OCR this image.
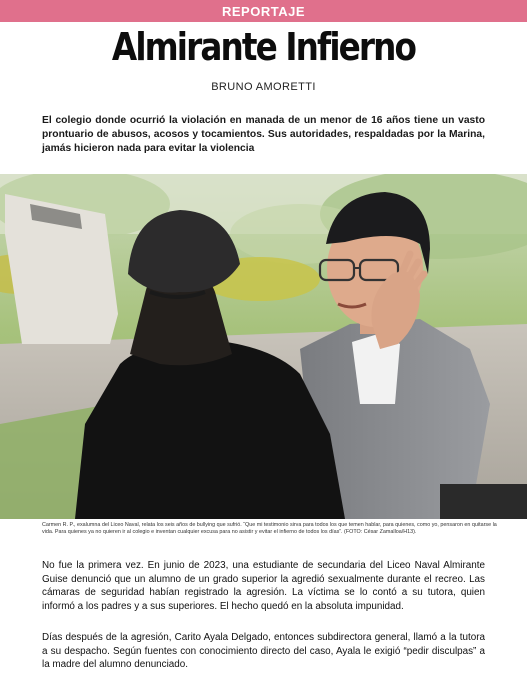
REPORTAJE
Almirante Infierno
BRUNO AMORETTI

El colegio donde ocurrió la violación en manada de un menor de 16 años tiene un vasto prontuario de abusos, acosos y tocamientos. Sus autoridades, respaldadas por la Marina, jamás hicieron nada para evitar la violencia

Carmen R. P., exalumna del Liceo Naval, relata los seis años de bullying que sufrió. “Que mi testimonio sirva para todos los que temen hablar, para quienes, como yo, pensaron en quitarse la vida. Para quienes ya no quieren ir al colegio e inventan cualquier excusa para no asistir y evitar el infierno de todos los días”. (FOTO: César Zamalloa/H13).

No fue la primera vez. En junio de 2023, una estudiante de secundaria del Liceo Naval Almirante Guise denunció que un alumno de un grado superior la agredió sexualmente durante el recreo. Las cámaras de seguridad habían registrado la agresión. La víctima se lo contó a su tutora, quien informó a los padres y a sus superiores. El hecho quedó en la absoluta impunidad.

Días después de la agresión, Carito Ayala Delgado, entonces subdirectora general, llamó a la tutora a su despacho. Según fuentes con conocimiento directo del caso, Ayala le exigió “pedir disculpas” a la madre del alumno denunciado.
